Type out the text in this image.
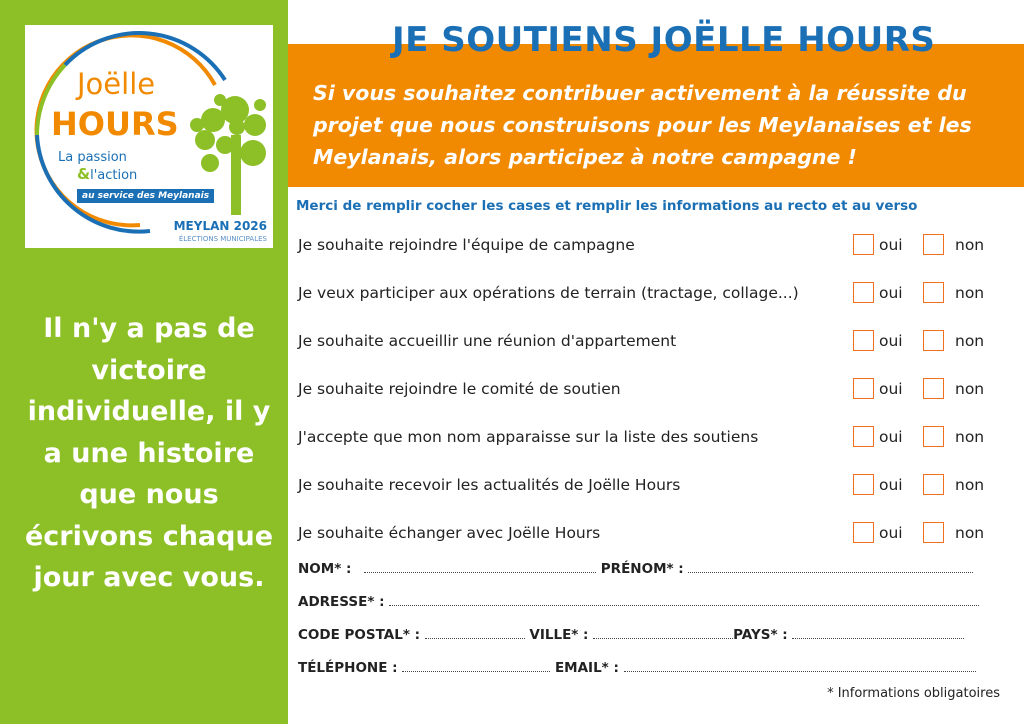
Joëlle
HOURS
La passion
&l'action
au service des Meylanais
MEYLAN 2026
ÉLECTIONS MUNICIPALES
Il n'y a pas de victoire individuelle, il y a une histoire que nous écrivons chaque jour avec vous.
JE SOUTIENS JOËLLE HOURS
Si vous souhaitez contribuer activement à la réussite du projet que nous construisons pour les Meylanaises et les Meylanais, alors participez à notre campagne !
Merci de remplir cocher les cases et remplir les informations au recto et au verso
Je souhaite rejoindre l'équipe de campagne	oui	non
Je veux participer aux opérations de terrain (tractage, collage...)	oui	non
Je souhaite accueillir une réunion d'appartement	oui	non
Je souhaite rejoindre le comité de soutien	oui	non
J'accepte que mon nom apparaisse sur la liste des soutiens	oui	non
Je souhaite recevoir les actualités de Joëlle Hours	oui	non
Je souhaite échanger avec Joëlle Hours	oui	non
NOM* :	PRÉNOM* :
ADRESSE* :
CODE POSTAL* :	VILLE* :	PAYS* :
TÉLÉPHONE :	EMAIL* :
* Informations obligatoires
